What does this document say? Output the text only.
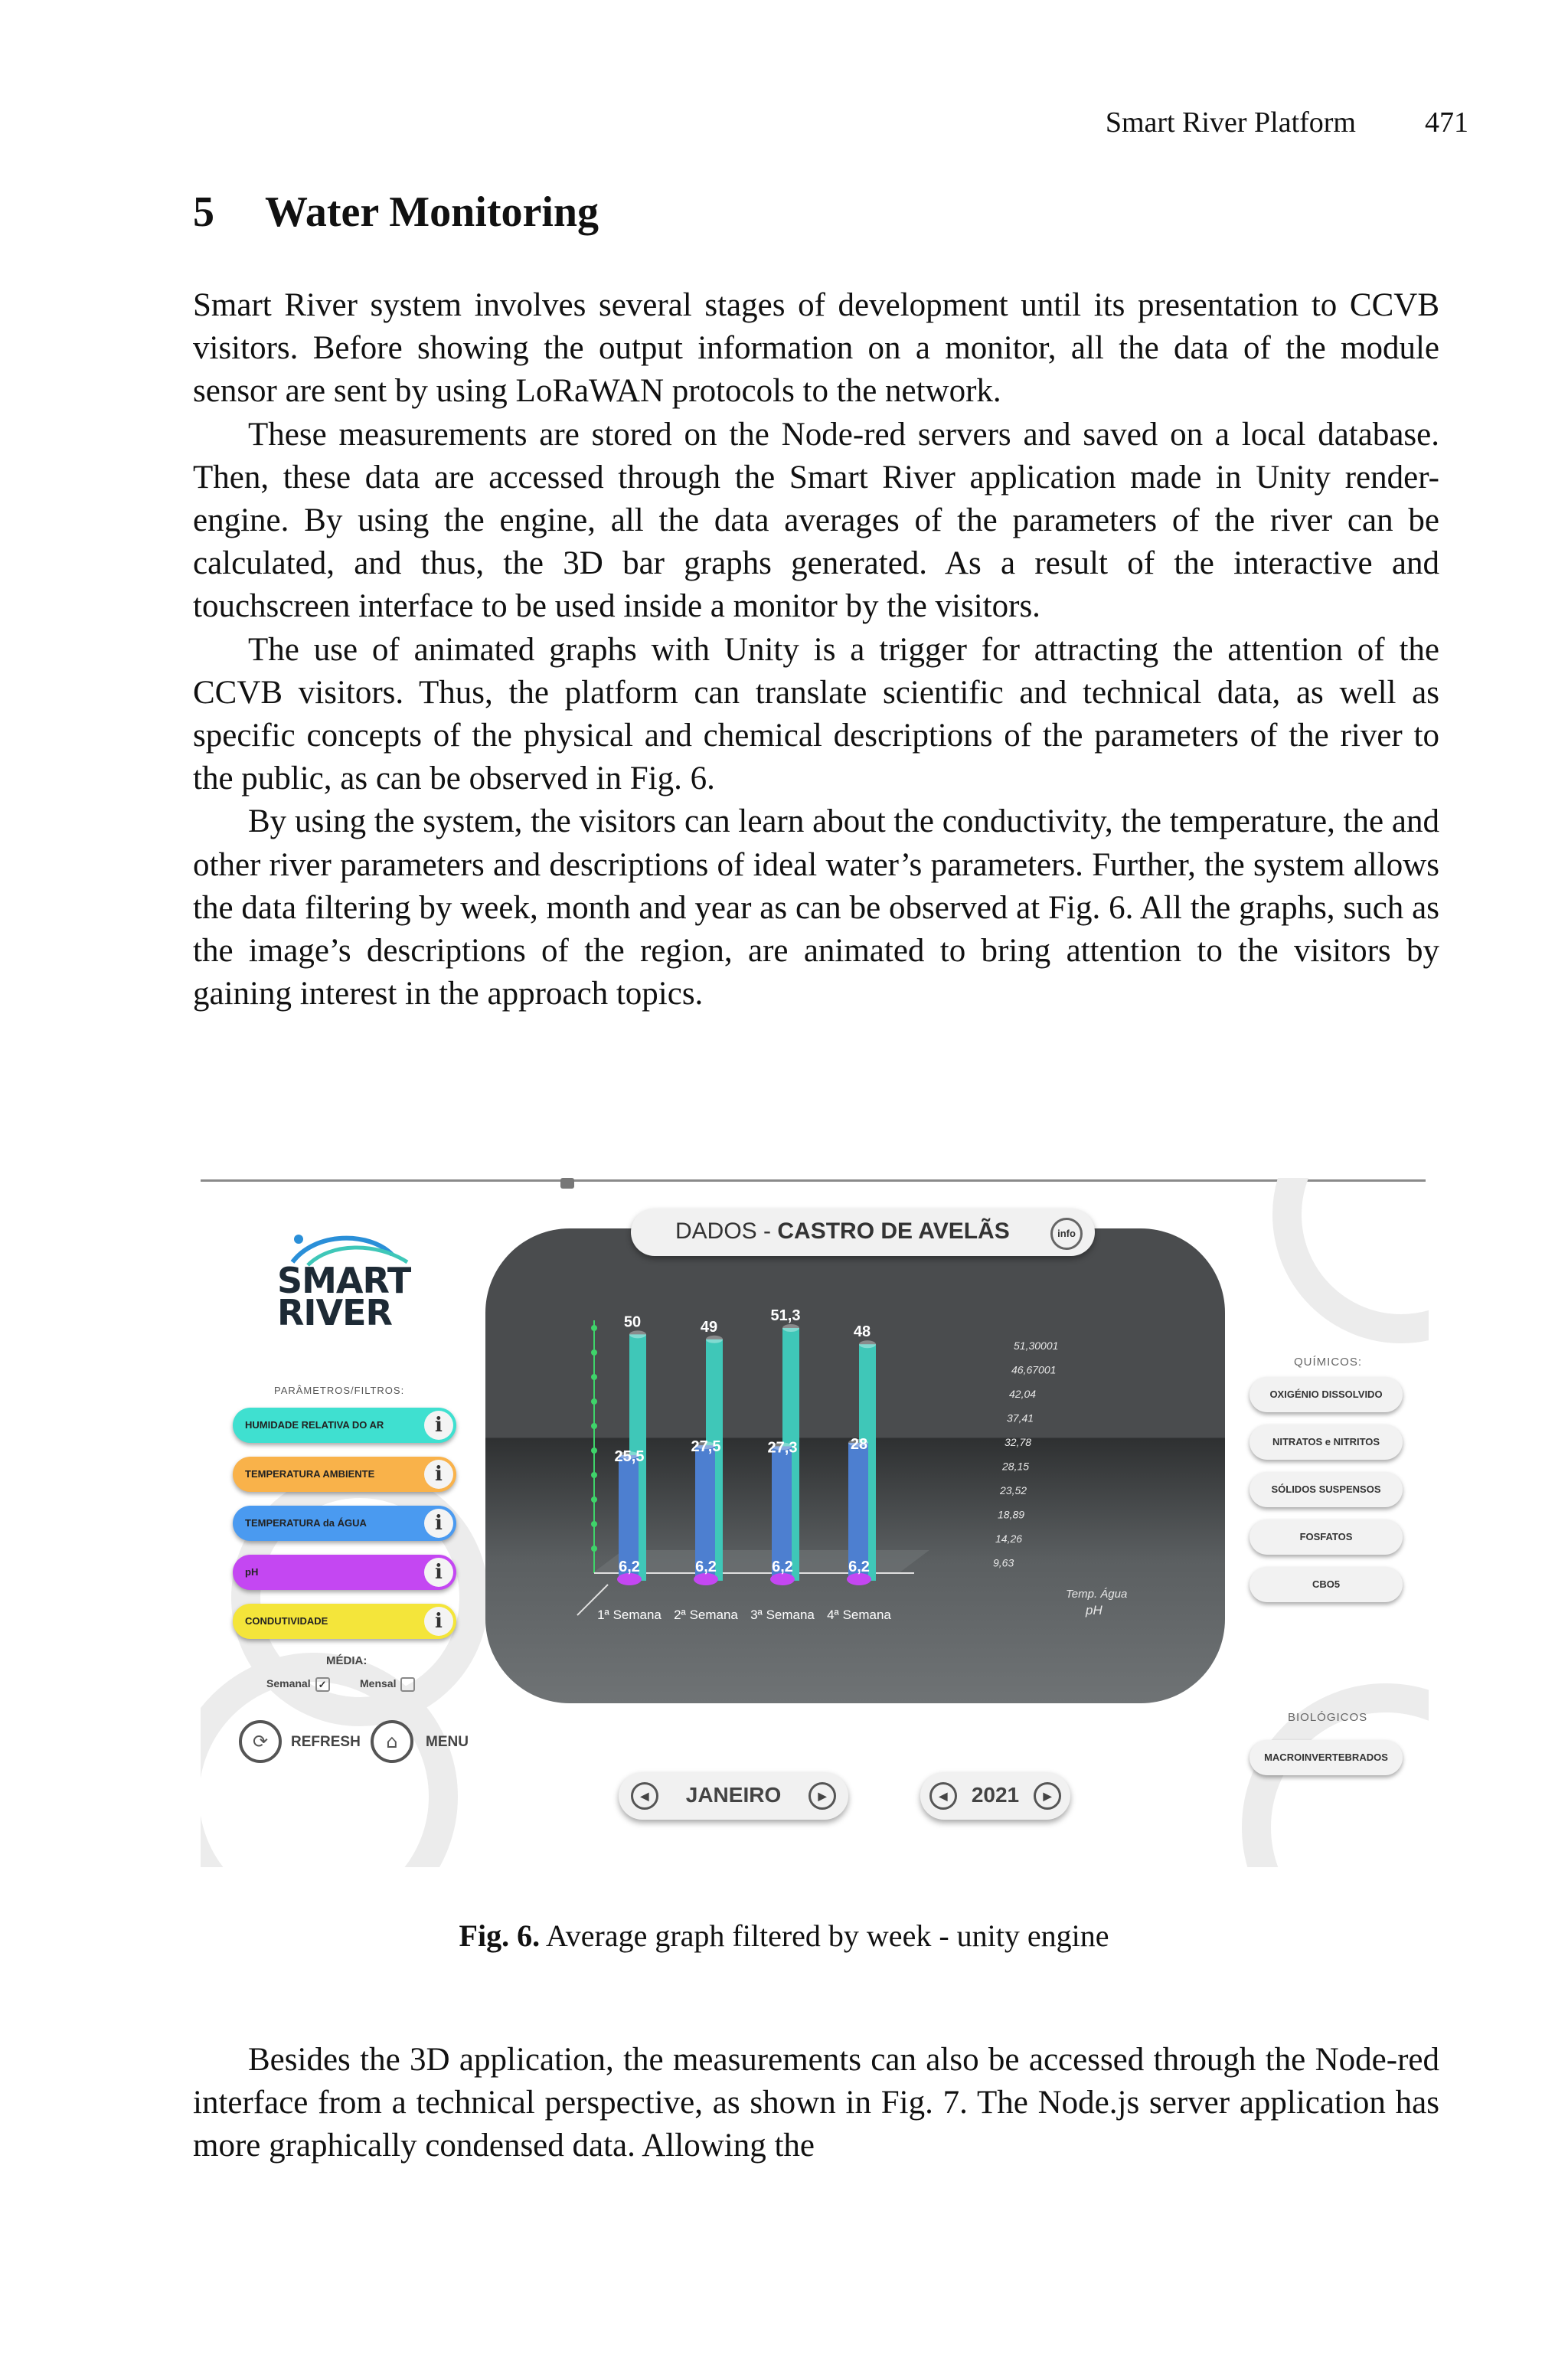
Smart River Platform 471
5 Water Monitoring

Smart River system involves several stages of development until its presentation to CCVB visitors. Before showing the output information on a monitor, all the data of the module sensor are sent by using LoRaWAN protocols to the network.

These measurements are stored on the Node-red servers and saved on a local database. Then, these data are accessed through the Smart River application made in Unity render-engine. By using the engine, all the data averages of the parameters of the river can be calculated, and thus, the 3D bar graphs generated. As a result of the interactive and touchscreen interface to be used inside a monitor by the visitors.

The use of animated graphs with Unity is a trigger for attracting the attention of the CCVB visitors. Thus, the platform can translate scientific and technical data, as well as specific concepts of the physical and chemical descriptions of the parameters of the river to the public, as can be observed in Fig. 6.

By using the system, the visitors can learn about the conductivity, the temperature, the and other river parameters and descriptions of ideal water’s parameters. Further, the system allows the data filtering by week, month and year as can be observed at Fig. 6. All the graphs, such as the image’s descriptions of the region, are animated to bring attention to the visitors by gaining interest in the approach topics.

SMART
RIVER
PARÂMETROS/FILTROS:
HUMIDADE RELATIVA DO AR	i
TEMPERATURA AMBIENTE	i
TEMPERATURA da ÁGUA	i
pH	i
CONDUTIVIDADE	i
MÉDIA:
Semanal ✓	Mensal
⟳	REFRESH	⌂	MENU
50
25,5
6,2
1ª Semana
49
27,5
6,2
2ª Semana
51,3
27,3
6,2
3ª Semana
48
28
6,2
4ª Semana
51,30001
46,67001
42,04
37,41
32,78
28,15
23,52
18,89
14,26
9,63
Temp. Água
pH
DADOS - CASTRO DE AVELÃS	info
◀	JANEIRO	▶	◀	2021	▶
QUÍMICOS:
OXIGÉNIO DISSOLVIDO
NITRATOS e NITRITOS
SÓLIDOS SUSPENSOS
FOSFATOS
CBO5
BIOLÓGICOS
MACROINVERTEBRADOS
Fig. 6. Average graph filtered by week - unity engine

Besides the 3D application, the measurements can also be accessed through the Node-red interface from a technical perspective, as shown in Fig. 7. The Node.js server application has more graphically condensed data. Allowing the
